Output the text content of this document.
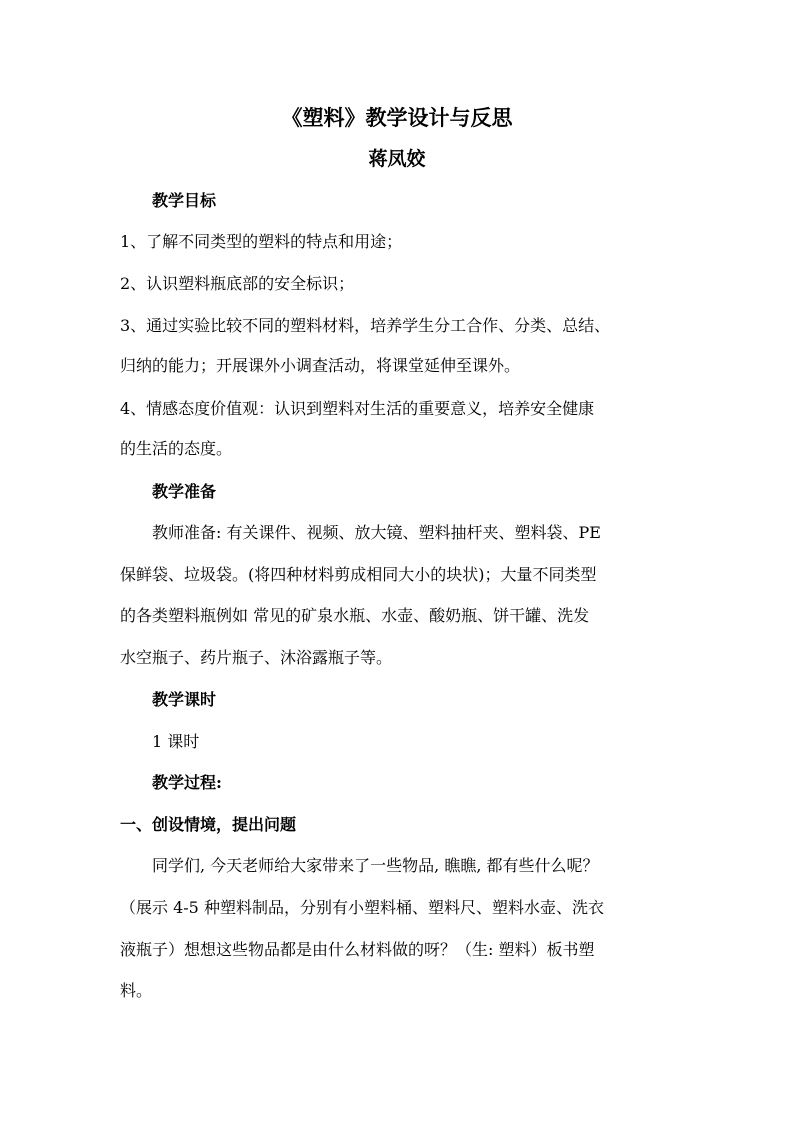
《塑料》教学设计与反思
蒋凤姣
教学目标
1、了解不同类型的塑料的特点和用途；
2、认识塑料瓶底部的安全标识；
3、通过实验比较不同的塑料材料，培养学生分工合作、分类、总结、
归纳的能力；开展课外小调查活动，将课堂延伸至课外。
4、情感态度价值观：认识到塑料对生活的重要意义，培养安全健康
的生活的态度。
教学准备
教师准备: 有关课件、视频、放大镜、塑料抽杆夹、塑料袋、PE
保鲜袋、垃圾袋。(将四种材料剪成相同大小的块状)；大量不同类型
的各类塑料瓶例如 常见的矿泉水瓶、水壶、酸奶瓶、饼干罐、洗发
水空瓶子、药片瓶子、沐浴露瓶子等。
教学课时
1 课时
教学过程:
一、创设情境，提出问题
同学们, 今天老师给大家带来了一些物品, 瞧瞧, 都有些什么呢？
（展示 4-5 种塑料制品，分别有小塑料桶、塑料尺、塑料水壶、洗衣
液瓶子）想想这些物品都是由什么材料做的呀？（生: 塑料）板书塑
料。
